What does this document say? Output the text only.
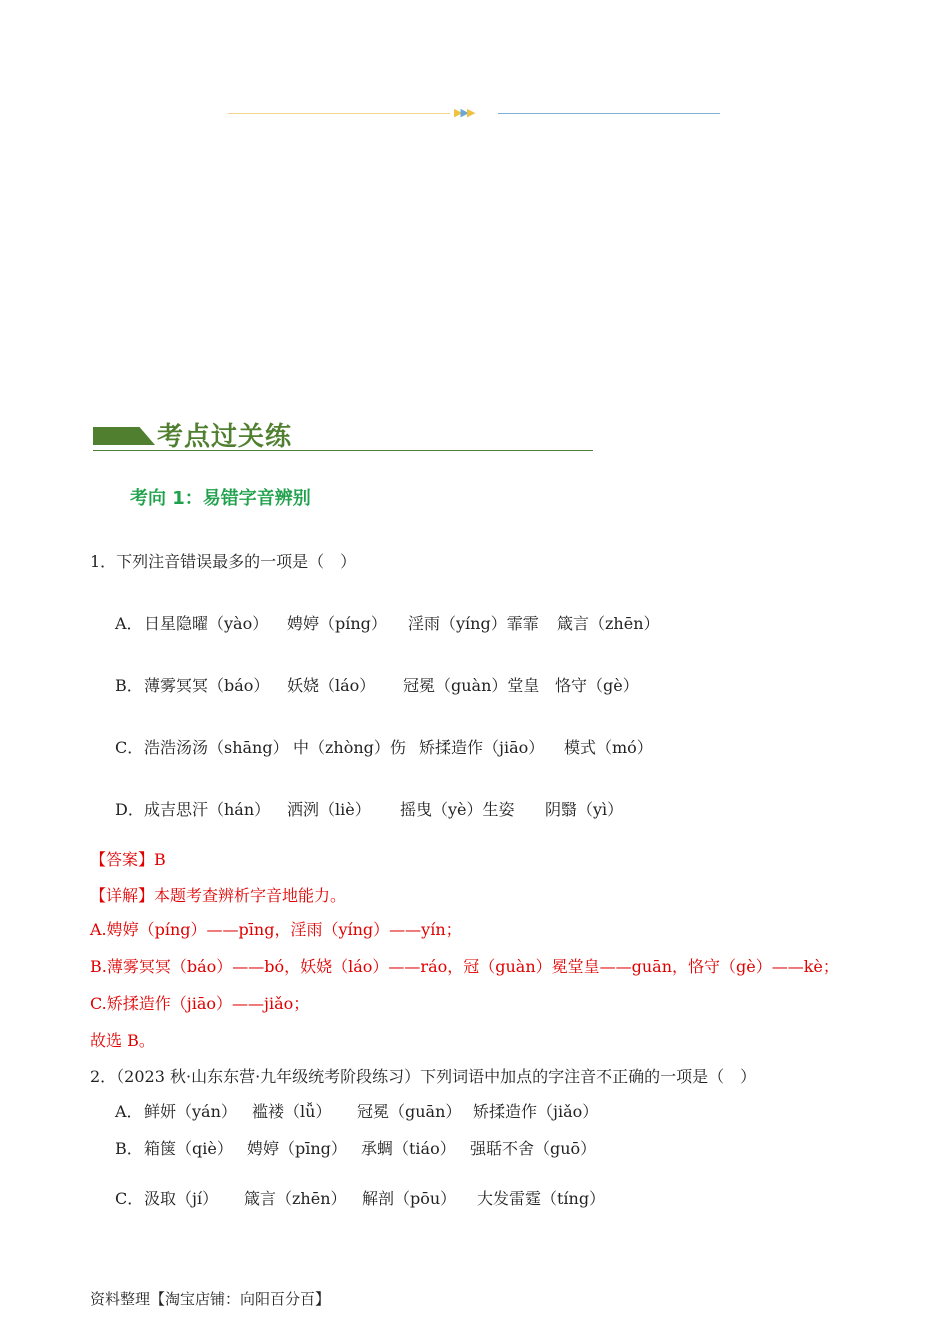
▶▶▶
考点过关练
考向 1：易错字音辨别
1．下列注音错误最多的一项是（　）
A． 日星隐曜（yào） 娉婷（píng） 淫雨（yíng）霏霏 箴言（zhēn）
B． 薄雾冥冥（báo） 妖娆（láo） 冠冕（guàn）堂皇 恪守（gè）
C． 浩浩汤汤（shāng） 中（zhòng）伤 矫揉造作（jiāo） 模式（mó）
D． 成吉思汗（hán） 洒洌（liè） 摇曳（yè）生姿 阴翳（yì）
【答案】B
【详解】本题考查辨析字音地能力。
A.娉婷（píng）——pīng，淫雨（yíng）——yín；
B.薄雾冥冥（báo）——bó，妖娆（láo）——ráo，冠（guàn）冕堂皇——guān，恪守（gè）——kè；
C.矫揉造作（jiāo）——jiǎo；
故选 B。
2．（2023 秋·山东东营·九年级统考阶段练习）下列词语中加点的字注音不正确的一项是（　）
A． 鲜妍（yán） 褴褛（lǚ） 冠冕（guān） 矫揉造作（jiǎo）
B． 箱箧（qiè） 娉婷（pīng） 承蜩（tiáo） 强聒不舍（guō）
C． 汲取（jí） 箴言（zhēn） 解剖（pōu） 大发雷霆（tíng）
资料整理【淘宝店铺：向阳百分百】
